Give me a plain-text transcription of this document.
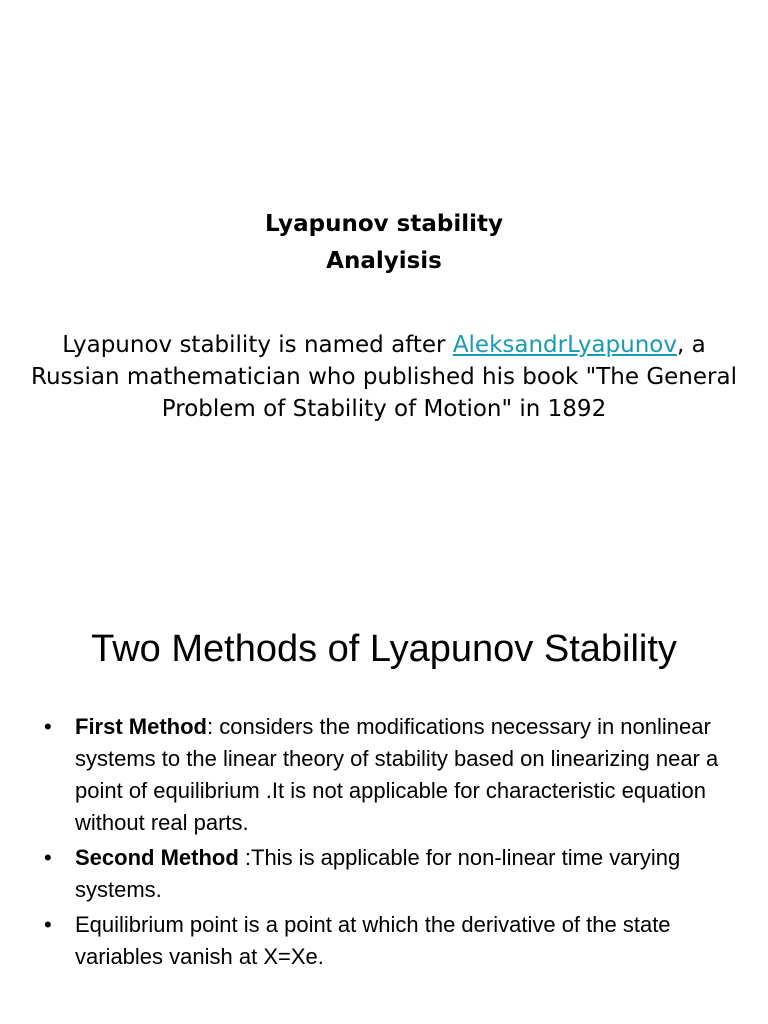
Lyapunov stability
Analyisis
Lyapunov stability is named after AleksandrLyapunov, a Russian mathematician who published his book "The General Problem of Stability of Motion" in 1892
Two Methods of Lyapunov Stability
• First Method: considers the modifications necessary in nonlinear systems to the linear theory of stability based on linearizing near a point of equilibrium .It is not applicable for characteristic equation without real parts.
• Second Method :This is applicable for non-linear time varying systems.
• Equilibrium point is a point at which the derivative of the state variables vanish at X=Xe.
